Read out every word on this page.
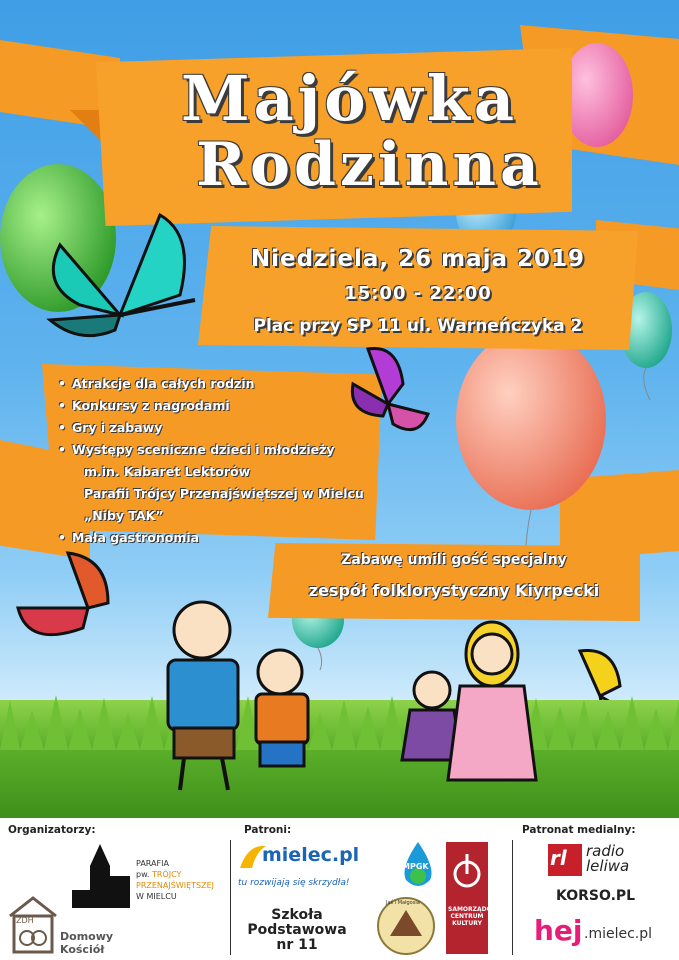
Majówka
Rodzinna
Niedziela, 26 maja 2019
15:00 - 22:00
Plac przy SP 11 ul. Warneńczyka 2
• Atrakcje dla całych rodzin
• Konkursy z nagrodami
• Gry i zabawy
• Występy sceniczne dzieci i młodzieży
m.in. Kabaret Lektorów
Parafii Trójcy Przenajświętszej w Mielcu
„Niby TAK”
• Mała gastronomia
Zabawę umili gość specjalny
zespół folklorystyczny Kiyrpecki
Organizatorzy:	Patroni:	Patronat medialny:
PARAFIA
pw. TRÓJCY
PRZENAJŚWIĘTSZEJ
W MIELCU
ZDH
Domowy
Kościół
mielec.pl
tu rozwijają się skrzydła!
Szkoła
Podstawowa
nr 11
MPGK
Jaś i Małgosia
SAMORZĄDOWE CENTRUM KULTURY
rl radio
leliwa
KORSO.PL
hej .mielec.pl
